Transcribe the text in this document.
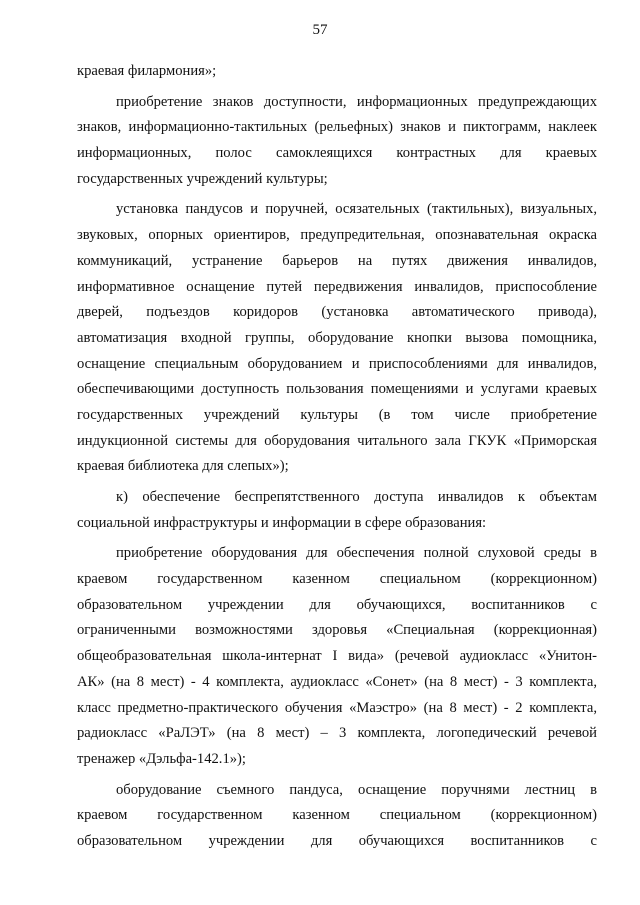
57
краевая филармония»;
приобретение знаков доступности, информационных предупреждающих
знаков, информационно-тактильных (рельефных) знаков и пиктограмм, наклеек
информационных, полос самоклеящихся контрастных для краевых
государственных учреждений культуры;
установка пандусов и поручней, осязательных (тактильных), визуальных,
звуковых, опорных ориентиров, предупредительная, опознавательная окраска
коммуникаций, устранение барьеров на путях движения инвалидов,
информативное оснащение путей передвижения инвалидов, приспособление
дверей, подъездов коридоров (установка автоматического привода),
автоматизация входной группы, оборудование кнопки вызова помощника,
оснащение специальным оборудованием и приспособлениями для инвалидов,
обеспечивающими доступность пользования помещениями и услугами краевых
государственных учреждений культуры (в том числе приобретение
индукционной системы для оборудования читального зала ГКУК «Приморская
краевая библиотека для слепых»);
к) обеспечение беспрепятственного доступа инвалидов к объектам
социальной инфраструктуры и информации в сфере образования:
приобретение оборудования для обеспечения полной слуховой среды в
краевом государственном казенном специальном (коррекционном)
образовательном учреждении для обучающихся, воспитанников с
ограниченными возможностями здоровья «Специальная (коррекционная)
общеобразовательная школа-интернат I вида» (речевой аудиокласс «Унитон-
АК» (на 8 мест) - 4 комплекта, аудиокласс «Сонет» (на 8 мест) - 3 комплекта,
класс предметно-практического обучения «Маэстро» (на 8 мест) - 2 комплекта,
радиокласс «РаЛЭТ» (на 8 мест) – 3 комплекта, логопедический речевой
тренажер «Дэльфа-142.1»);
оборудование съемного пандуса, оснащение поручнями лестниц в
краевом государственном казенном специальном (коррекционном)
образовательном учреждении для обучающихся воспитанников с
